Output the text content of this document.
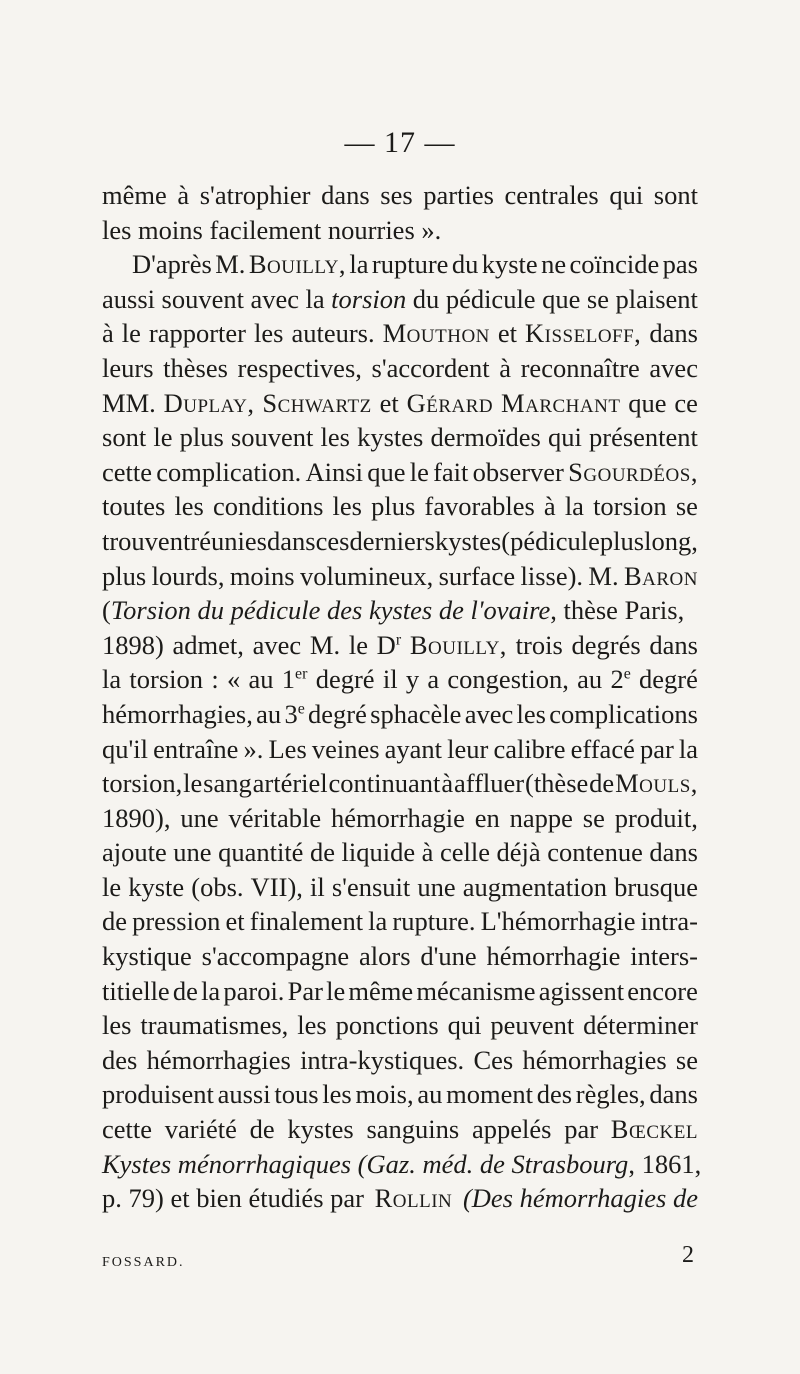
— 17 —
même à s'atrophier dans ses parties centrales qui sont
les moins facilement nourries ».
D'après M. Bouilly, la rupture du kyste ne coïncide pas
aussi souvent avec la torsion du pédicule que se plaisent
à le rapporter les auteurs. Mouthon et Kisseloff, dans
leurs thèses respectives, s'accordent à reconnaître avec
MM. Duplay, Schwartz et Gérard Marchant que ce
sont le plus souvent les kystes dermoïdes qui présentent
cette complication. Ainsi que le fait observer Sgourdéos,
toutes les conditions les plus favorables à la torsion se
trouvent réunies dans ces derniers kystes (pédicule plus long,
plus lourds, moins volumineux, surface lisse). M. Baron
(Torsion du pédicule des kystes de l'ovaire, thèse Paris,
1898) admet, avec M. le $D^r$ Bouilly, trois degrés dans
la torsion : « au 1er degré il y a congestion, au 2e degré
hémorrhagies, au 3e degré sphacèle avec les complications
qu'il entraîne ». Les veines ayant leur calibre effacé par la
torsion, le sang artériel continuant à affluer (thèse de Mouls,
1890), une véritable hémorrhagie en nappe se produit,
ajoute une quantité de liquide à celle déjà contenue dans
le kyste (obs. VII), il s'ensuit une augmentation brusque
de pression et finalement la rupture. L'hémorrhagie intra-
kystique s'accompagne alors d'une hémorrhagie inters-
titielle de la paroi. Par le même mécanisme agissent encore
les traumatismes, les ponctions qui peuvent déterminer
des hémorrhagies intra-kystiques. Ces hémorrhagies se
produisent aussi tous les mois, au moment des règles, dans
cette variété de kystes sanguins appelés par Bœckel
Kystes ménorrhagiques (Gaz. méd. de Strasbourg, 1861,
p. 79) et bien étudiés par Rollin (Des hémorrhagies de
FOSSARD.	2
